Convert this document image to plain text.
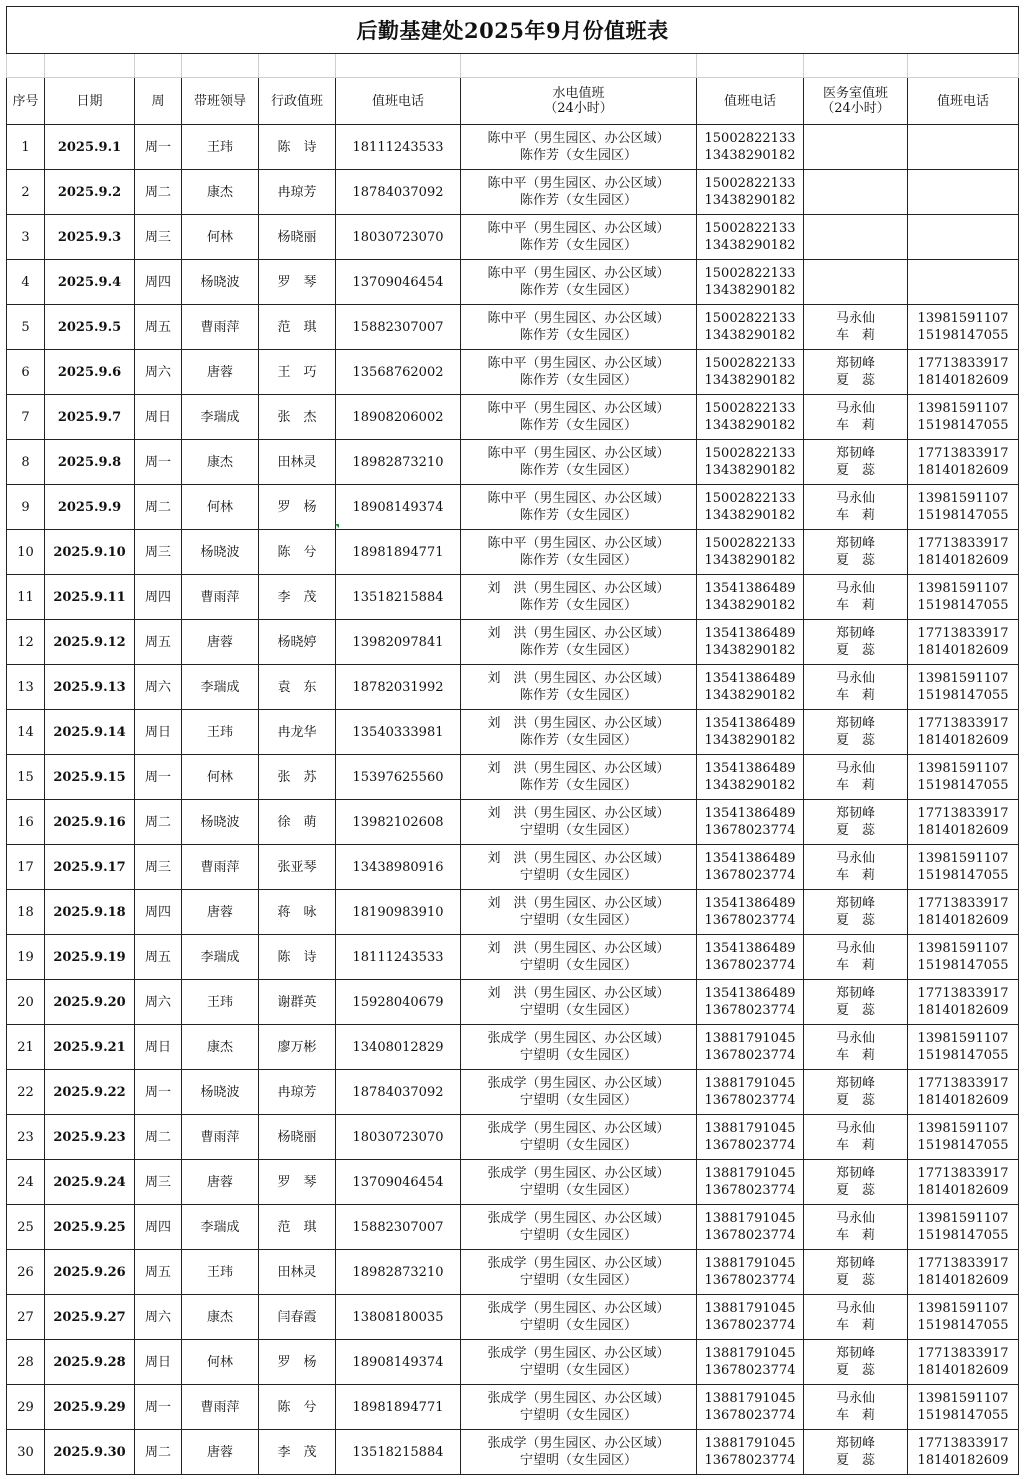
后勤基建处2025年9月份值班表									

序号	日期	周	带班领导	行政值班	值班电话	水电值班
（24小时）	值班电话	医务室值班
（24小时）	值班电话
1	2025.9.1	周一	王玮	陈　诗	18111243533	陈中平（男生园区、办公区域）
陈作芳（女生园区）	15002822133
13438290182		

2	2025.9.2	周二	康杰	冉琼芳	18784037092	陈中平（男生园区、办公区域）
陈作芳（女生园区）	15002822133
13438290182		

3	2025.9.3	周三	何林	杨晓丽	18030723070	陈中平（男生园区、办公区域）
陈作芳（女生园区）	15002822133
13438290182		

4	2025.9.4	周四	杨晓波	罗　琴	13709046454	陈中平（男生园区、办公区域）
陈作芳（女生园区）	15002822133
13438290182		

5	2025.9.5	周五	曹雨萍	范　琪	15882307007	陈中平（男生园区、办公区域）
陈作芳（女生园区）	15002822133
13438290182	马永仙
车　莉	13981591107
15198147055

6	2025.9.6	周六	唐蓉	王　巧	13568762002	陈中平（男生园区、办公区域）
陈作芳（女生园区）	15002822133
13438290182	郑韧峰
夏　蕊	17713833917
18140182609

7	2025.9.7	周日	李瑞成	张　杰	18908206002	陈中平（男生园区、办公区域）
陈作芳（女生园区）	15002822133
13438290182	马永仙
车　莉	13981591107
15198147055

8	2025.9.8	周一	康杰	田林灵	18982873210	陈中平（男生园区、办公区域）
陈作芳（女生园区）	15002822133
13438290182	郑韧峰
夏　蕊	17713833917
18140182609

9	2025.9.9	周二	何林	罗　杨	18908149374	陈中平（男生园区、办公区域）
陈作芳（女生园区）	15002822133
13438290182	马永仙
车　莉	13981591107
15198147055

10	2025.9.10	周三	杨晓波	陈　兮	18981894771	陈中平（男生园区、办公区域）
陈作芳（女生园区）	15002822133
13438290182	郑韧峰
夏　蕊	17713833917
18140182609

11	2025.9.11	周四	曹雨萍	李　茂	13518215884	刘　洪（男生园区、办公区域）
陈作芳（女生园区）	13541386489
13438290182	马永仙
车　莉	13981591107
15198147055

12	2025.9.12	周五	唐蓉	杨晓婷	13982097841	刘　洪（男生园区、办公区域）
陈作芳（女生园区）	13541386489
13438290182	郑韧峰
夏　蕊	17713833917
18140182609

13	2025.9.13	周六	李瑞成	袁　东	18782031992	刘　洪（男生园区、办公区域）
陈作芳（女生园区）	13541386489
13438290182	马永仙
车　莉	13981591107
15198147055

14	2025.9.14	周日	王玮	冉龙华	13540333981	刘　洪（男生园区、办公区域）
陈作芳（女生园区）	13541386489
13438290182	郑韧峰
夏　蕊	17713833917
18140182609

15	2025.9.15	周一	何林	张　苏	15397625560	刘　洪（男生园区、办公区域）
陈作芳（女生园区）	13541386489
13438290182	马永仙
车　莉	13981591107
15198147055

16	2025.9.16	周二	杨晓波	徐　萌	13982102608	刘　洪（男生园区、办公区域）
宁望明（女生园区）	13541386489
13678023774	郑韧峰
夏　蕊	17713833917
18140182609

17	2025.9.17	周三	曹雨萍	张亚琴	13438980916	刘　洪（男生园区、办公区域）
宁望明（女生园区）	13541386489
13678023774	马永仙
车　莉	13981591107
15198147055

18	2025.9.18	周四	唐蓉	蒋　咏	18190983910	刘　洪（男生园区、办公区域）
宁望明（女生园区）	13541386489
13678023774	郑韧峰
夏　蕊	17713833917
18140182609

19	2025.9.19	周五	李瑞成	陈　诗	18111243533	刘　洪（男生园区、办公区域）
宁望明（女生园区）	13541386489
13678023774	马永仙
车　莉	13981591107
15198147055

20	2025.9.20	周六	王玮	谢群英	15928040679	刘　洪（男生园区、办公区域）
宁望明（女生园区）	13541386489
13678023774	郑韧峰
夏　蕊	17713833917
18140182609

21	2025.9.21	周日	康杰	廖万彬	13408012829	张成学（男生园区、办公区域）
宁望明（女生园区）	13881791045
13678023774	马永仙
车　莉	13981591107
15198147055

22	2025.9.22	周一	杨晓波	冉琼芳	18784037092	张成学（男生园区、办公区域）
宁望明（女生园区）	13881791045
13678023774	郑韧峰
夏　蕊	17713833917
18140182609

23	2025.9.23	周二	曹雨萍	杨晓丽	18030723070	张成学（男生园区、办公区域）
宁望明（女生园区）	13881791045
13678023774	马永仙
车　莉	13981591107
15198147055

24	2025.9.24	周三	唐蓉	罗　琴	13709046454	张成学（男生园区、办公区域）
宁望明（女生园区）	13881791045
13678023774	郑韧峰
夏　蕊	17713833917
18140182609

25	2025.9.25	周四	李瑞成	范　琪	15882307007	张成学（男生园区、办公区域）
宁望明（女生园区）	13881791045
13678023774	马永仙
车　莉	13981591107
15198147055

26	2025.9.26	周五	王玮	田林灵	18982873210	张成学（男生园区、办公区域）
宁望明（女生园区）	13881791045
13678023774	郑韧峰
夏　蕊	17713833917
18140182609

27	2025.9.27	周六	康杰	闫春霞	13808180035	张成学（男生园区、办公区域）
宁望明（女生园区）	13881791045
13678023774	马永仙
车　莉	13981591107
15198147055

28	2025.9.28	周日	何林	罗　杨	18908149374	张成学（男生园区、办公区域）
宁望明（女生园区）	13881791045
13678023774	郑韧峰
夏　蕊	17713833917
18140182609

29	2025.9.29	周一	曹雨萍	陈　兮	18981894771	张成学（男生园区、办公区域）
宁望明（女生园区）	13881791045
13678023774	马永仙
车　莉	13981591107
15198147055

30	2025.9.30	周二	唐蓉	李　茂	13518215884	张成学（男生园区、办公区域）
宁望明（女生园区）	13881791045
13678023774	郑韧峰
夏　蕊	17713833917
18140182609
